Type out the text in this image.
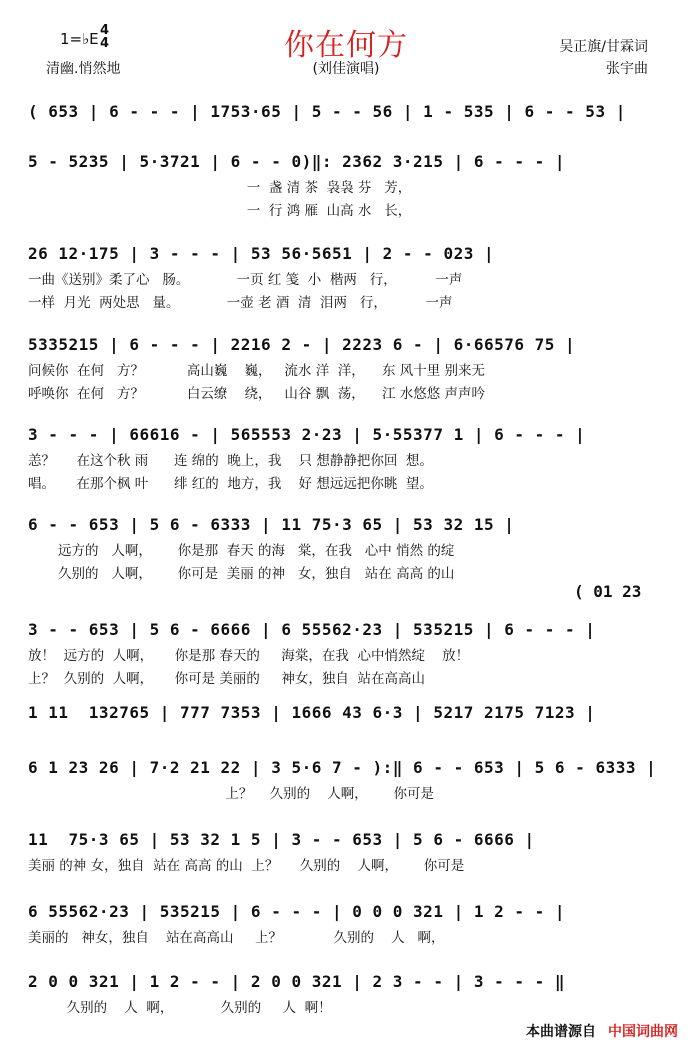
1=♭E 4
4
清幽.悄然地
你在何方
(刘佳演唱)
吴正旗/甘霖词
张宇曲
( 653 | 6 - - - | 1753·65 | 5 - - 56 | 1 - 535 | 6 - - 53 |
5 - 5235 | 5·3721 | 6 - - 0)‖: 2362 3·215 | 6 - - - |
一  盏 清 茶  袅袅 芬   芳，
一  行 鸿 雁  山高 水   长，
26 12·175 | 3 - - - | 53 56·5651 | 2 - - 023 |
一曲《送别》柔了心   肠。           一页 红 笺  小  楷两   行，         一声
一样  月光  两处思   量。           一壶 老 酒  清  泪两   行，         一声
5335215 | 6 - - - | 2216 2 - | 2223 6 - | 6·66576 75 |
问候你  在何   方？          高山巍    巍，   流水 洋  洋，    东 风十里 别来无
呼唤你  在何   方？          白云缭    绕，   山谷 飘  荡，    江 水悠悠 声声吟
3 - - - | 66616 - | 565553 2·23 | 5·55377 1 | 6 - - - |
恙？     在这个秋 雨      连 绵的  晚上，我    只 想静静把你回  想。
唱。     在那个枫 叶      绯 红的  地方，我    好 想远远把你眺  望。
6 - - 653 | 5 6 - 6333 | 11 75·3 65 | 53 32 15 |
远方的   人啊，      你是那  春天 的海   棠，在我   心中 悄然 的绽
久别的   人啊，      你可是  美丽 的神   女，独自   站在 高高 的山
( 01 23
3 - - 653 | 5 6 - 6666 | 6 55562·23 | 535215 | 6 - - - |
放！  远方的  人啊，     你是那 春天的     海棠，在我  心中悄然绽    放！
上？  久别的  人啊，     你可是 美丽的     神女，独自  站在高高山
1 11  132765 | 777 7353 | 1666 43 6·3 | 5217 2175 7123 |
6 1 23 26 | 7·2 21 22 | 3 5·6 7 - ):‖ 6 - - 653 | 5 6 - 6333 |
上？    久别的    人啊，      你可是
11  75·3 65 | 53 32 1 5 | 3 - - 653 | 5 6 - 6666 |
美丽 的神 女，独自  站在 高高 的山  上？     久别的    人啊，      你可是
6 55562·23 | 535215 | 6 - - - | 0 0 0 321 | 1 2 - - |
美丽的   神女，独自    站在高高山     上？            久别的    人   啊，
2 0 0 321 | 1 2 - - | 2 0 0 321 | 2 3 - - | 3 - - - ‖
久别的    人  啊，           久别的     人  啊！
本曲谱源自 中国词曲网
